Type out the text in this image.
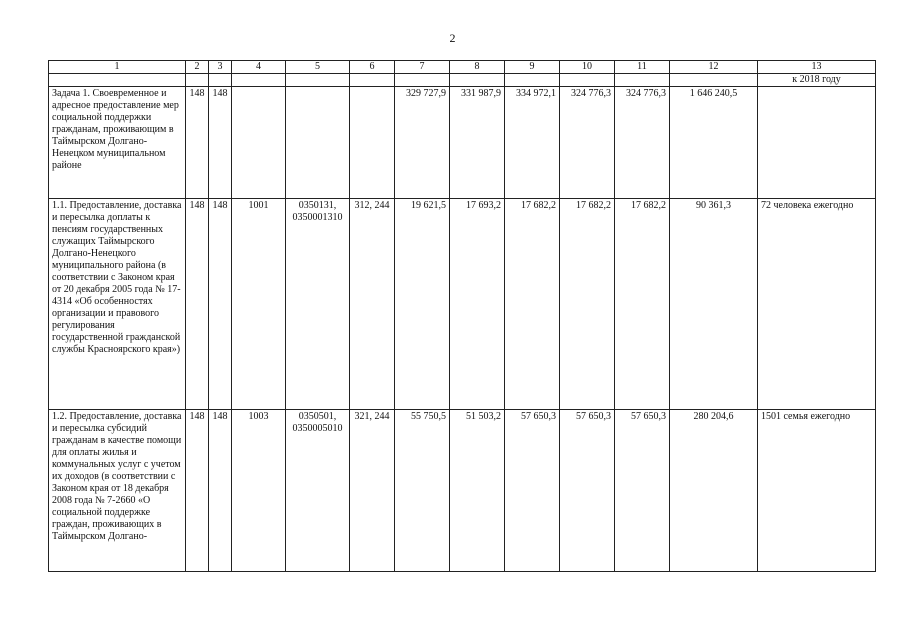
2
1	2	3	4	5	6	7	8	9	10	11	12	13
												к 2018 году
Задача 1. Своевременное и адресное предоставление мер социальной поддержки гражданам, проживающим в Таймырском Долгано-Ненецком муниципальном районе	148	148				329 727,9	331 987,9	334 972,1	324 776,3	324 776,3	1 646 240,5	
1.1. Предоставление, доставка и пересылка доплаты к пенсиям государственных служащих Таймырского Долгано-Ненецкого муниципального района (в соответствии с Законом края от 20 декабря 2005 года № 17-4314 «Об особенностях организации и правового регулирования государственной гражданской службы Красноярского края»)	148	148	1001	0350131, 0350001310	312, 244	19 621,5	17 693,2	17 682,2	17 682,2	17 682,2	90 361,3	72 человека ежегодно
1.2. Предоставление, доставка и пересылка субсидий гражданам в качестве помощи для оплаты жилья и коммунальных услуг с учетом их доходов (в соответствии с Законом края от 18 декабря 2008 года № 7-2660 «О социальной поддержке граждан, проживающих в Таймырском Долгано-	148	148	1003	0350501, 0350005010	321, 244	55 750,5	51 503,2	57 650,3	57 650,3	57 650,3	280 204,6	1501 семья ежегодно
